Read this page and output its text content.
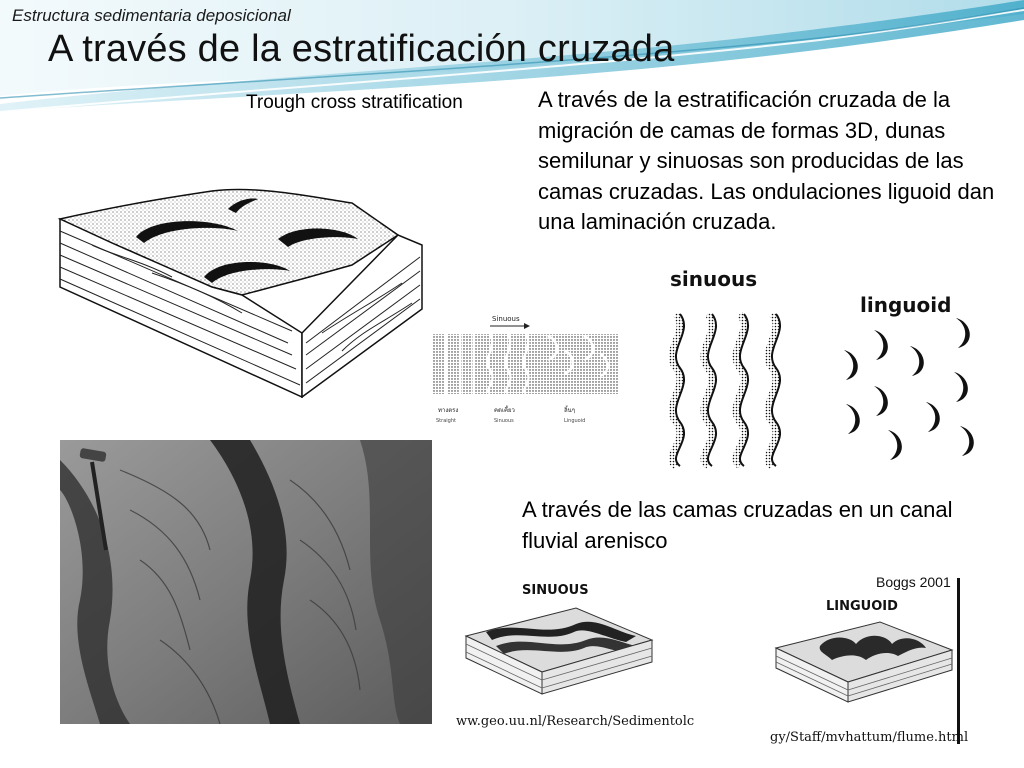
Estructura sedimentaria deposicional
A través de la estratificación cruzada
Trough cross stratification	A través de la estratificación cruzada de la migración de camas de formas 3D, dunas semilunar y sinuosas son producidas de las camas cruzadas. Las ondulaciones liguoid dan una laminación cruzada.
A través de las camas cruzadas en un canal fluvial arenisco
Sinuous
ทางตรง	คดเคี้ยว	ลิ้นๆ
Straight	Sinuous	Linguoid
sinuous
linguoid
SINUOUS
ww.geo.uu.nl/Research/Sedimentolc
LINGUOID
Boggs 2001
gy/Staff/mvhattum/flume.html
